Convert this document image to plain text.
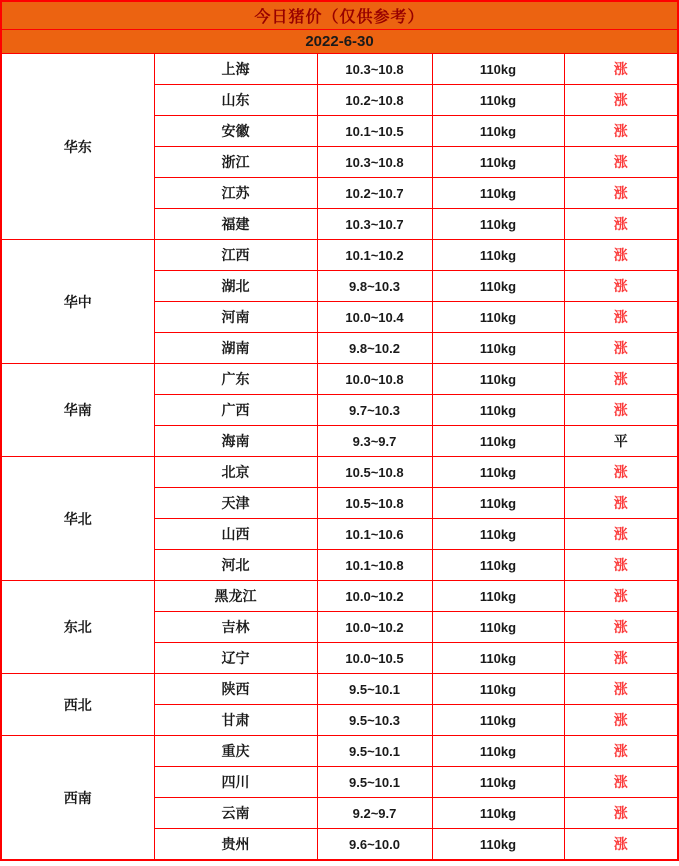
今日猪价（仅供参考）				
2022-6-30				
华东	上海	10.3~10.8	110kg	涨
	山东	10.2~10.8	110kg	涨
	安徽	10.1~10.5	110kg	涨
	浙江	10.3~10.8	110kg	涨
	江苏	10.2~10.7	110kg	涨
	福建	10.3~10.7	110kg	涨
华中	江西	10.1~10.2	110kg	涨
	湖北	9.8~10.3	110kg	涨
	河南	10.0~10.4	110kg	涨
	湖南	9.8~10.2	110kg	涨
华南	广东	10.0~10.8	110kg	涨
	广西	9.7~10.3	110kg	涨
	海南	9.3~9.7	110kg	平
华北	北京	10.5~10.8	110kg	涨
	天津	10.5~10.8	110kg	涨
	山西	10.1~10.6	110kg	涨
	河北	10.1~10.8	110kg	涨
东北	黑龙江	10.0~10.2	110kg	涨
	吉林	10.0~10.2	110kg	涨
	辽宁	10.0~10.5	110kg	涨
西北	陕西	9.5~10.1	110kg	涨
	甘肃	9.5~10.3	110kg	涨
西南	重庆	9.5~10.1	110kg	涨
	四川	9.5~10.1	110kg	涨
	云南	9.2~9.7	110kg	涨
	贵州	9.6~10.0	110kg	涨
